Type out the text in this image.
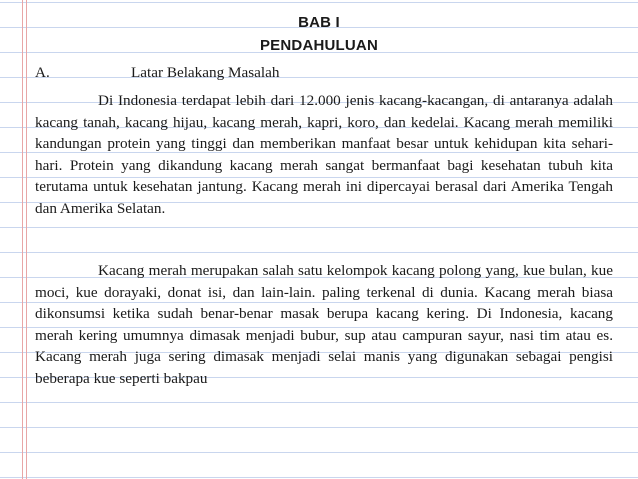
BAB I
PENDAHULUAN
A.	Latar Belakang Masalah

Di Indonesia terdapat lebih dari 12.000 jenis kacang-kacangan, di antaranya adalah kacang tanah, kacang hijau, kacang merah, kapri, koro, dan kedelai. Kacang merah memiliki kandungan protein yang tinggi dan memberikan manfaat besar untuk kehidupan kita sehari-hari. Protein yang dikandung kacang merah sangat bermanfaat bagi kesehatan tubuh kita terutama untuk kesehatan jantung. Kacang merah ini dipercayai berasal dari Amerika Tengah dan Amerika Selatan.

Kacang merah merupakan salah satu kelompok kacang polong yang, kue bulan, kue moci, kue dorayaki, donat isi, dan lain-lain. paling terkenal di dunia. Kacang merah biasa dikonsumsi ketika sudah benar-benar masak berupa kacang kering. Di Indonesia, kacang merah kering umumnya dimasak menjadi bubur, sup atau campuran sayur, nasi tim atau es. Kacang merah juga sering dimasak menjadi selai manis yang digunakan sebagai pengisi beberapa kue seperti bakpau
